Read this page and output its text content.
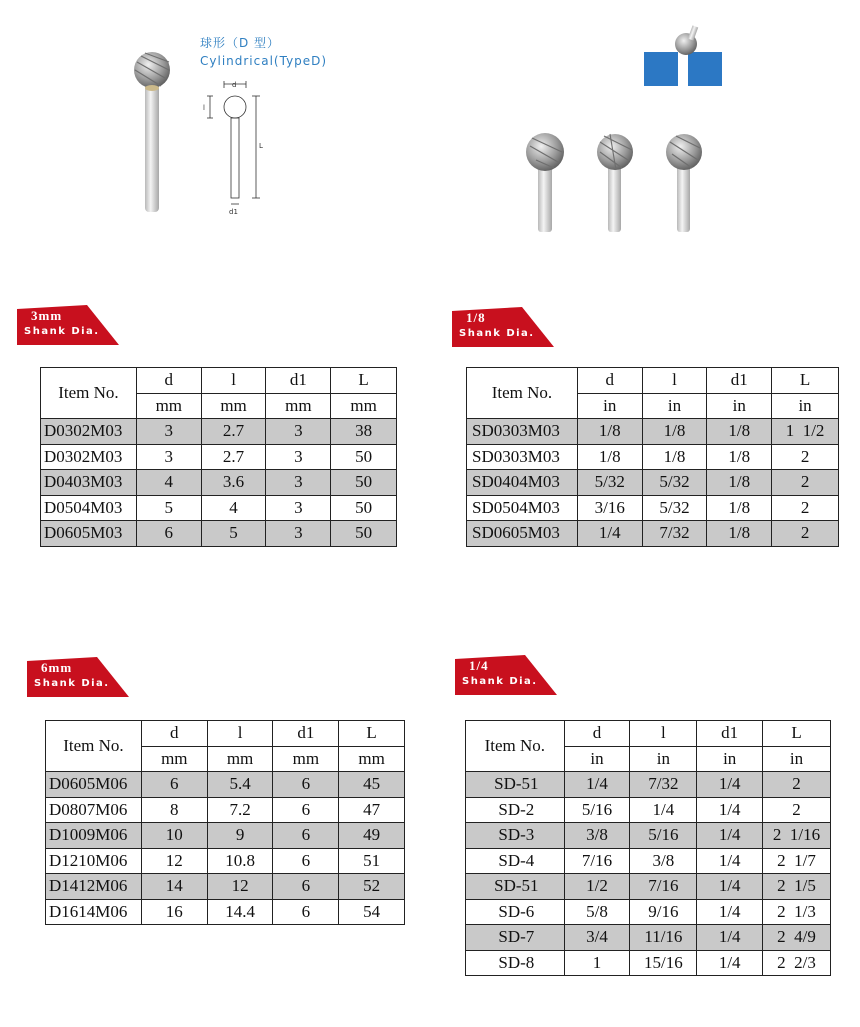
球形（D 型）
Cylindrical(TypeD)
d
l
L
d1
3mm
Shank Dia.
1/8
Shank Dia.
6mm
Shank Dia.
1/4
Shank Dia.
Item No.	d	l	d1	L
	mm	mm	mm	mm
D0302M03	3	2.7	3	38
D0302M03	3	2.7	3	50
D0403M03	4	3.6	3	50
D0504M03	5	4	3	50
D0605M03	6	5	3	50
Item No.	d	l	d1	L
	in	in	in	in
SD0303M03	1/8	1/8	1/8	1  1/2
SD0303M03	1/8	1/8	1/8	2
SD0404M03	5/32	5/32	1/8	2
SD0504M03	3/16	5/32	1/8	2
SD0605M03	1/4	7/32	1/8	2
Item No.	d	l	d1	L
	mm	mm	mm	mm
D0605M06	6	5.4	6	45
D0807M06	8	7.2	6	47
D1009M06	10	9	6	49
D1210M06	12	10.8	6	51
D1412M06	14	12	6	52
D1614M06	16	14.4	6	54
Item No.	d	l	d1	L
	in	in	in	in
SD-51	1/4	7/32	1/4	2
SD-2	5/16	1/4	1/4	2
SD-3	3/8	5/16	1/4	2  1/16
SD-4	7/16	3/8	1/4	2  1/7
SD-51	1/2	7/16	1/4	2  1/5
SD-6	5/8	9/16	1/4	2  1/3
SD-7	3/4	11/16	1/4	2  4/9
SD-8	1	15/16	1/4	2  2/3
